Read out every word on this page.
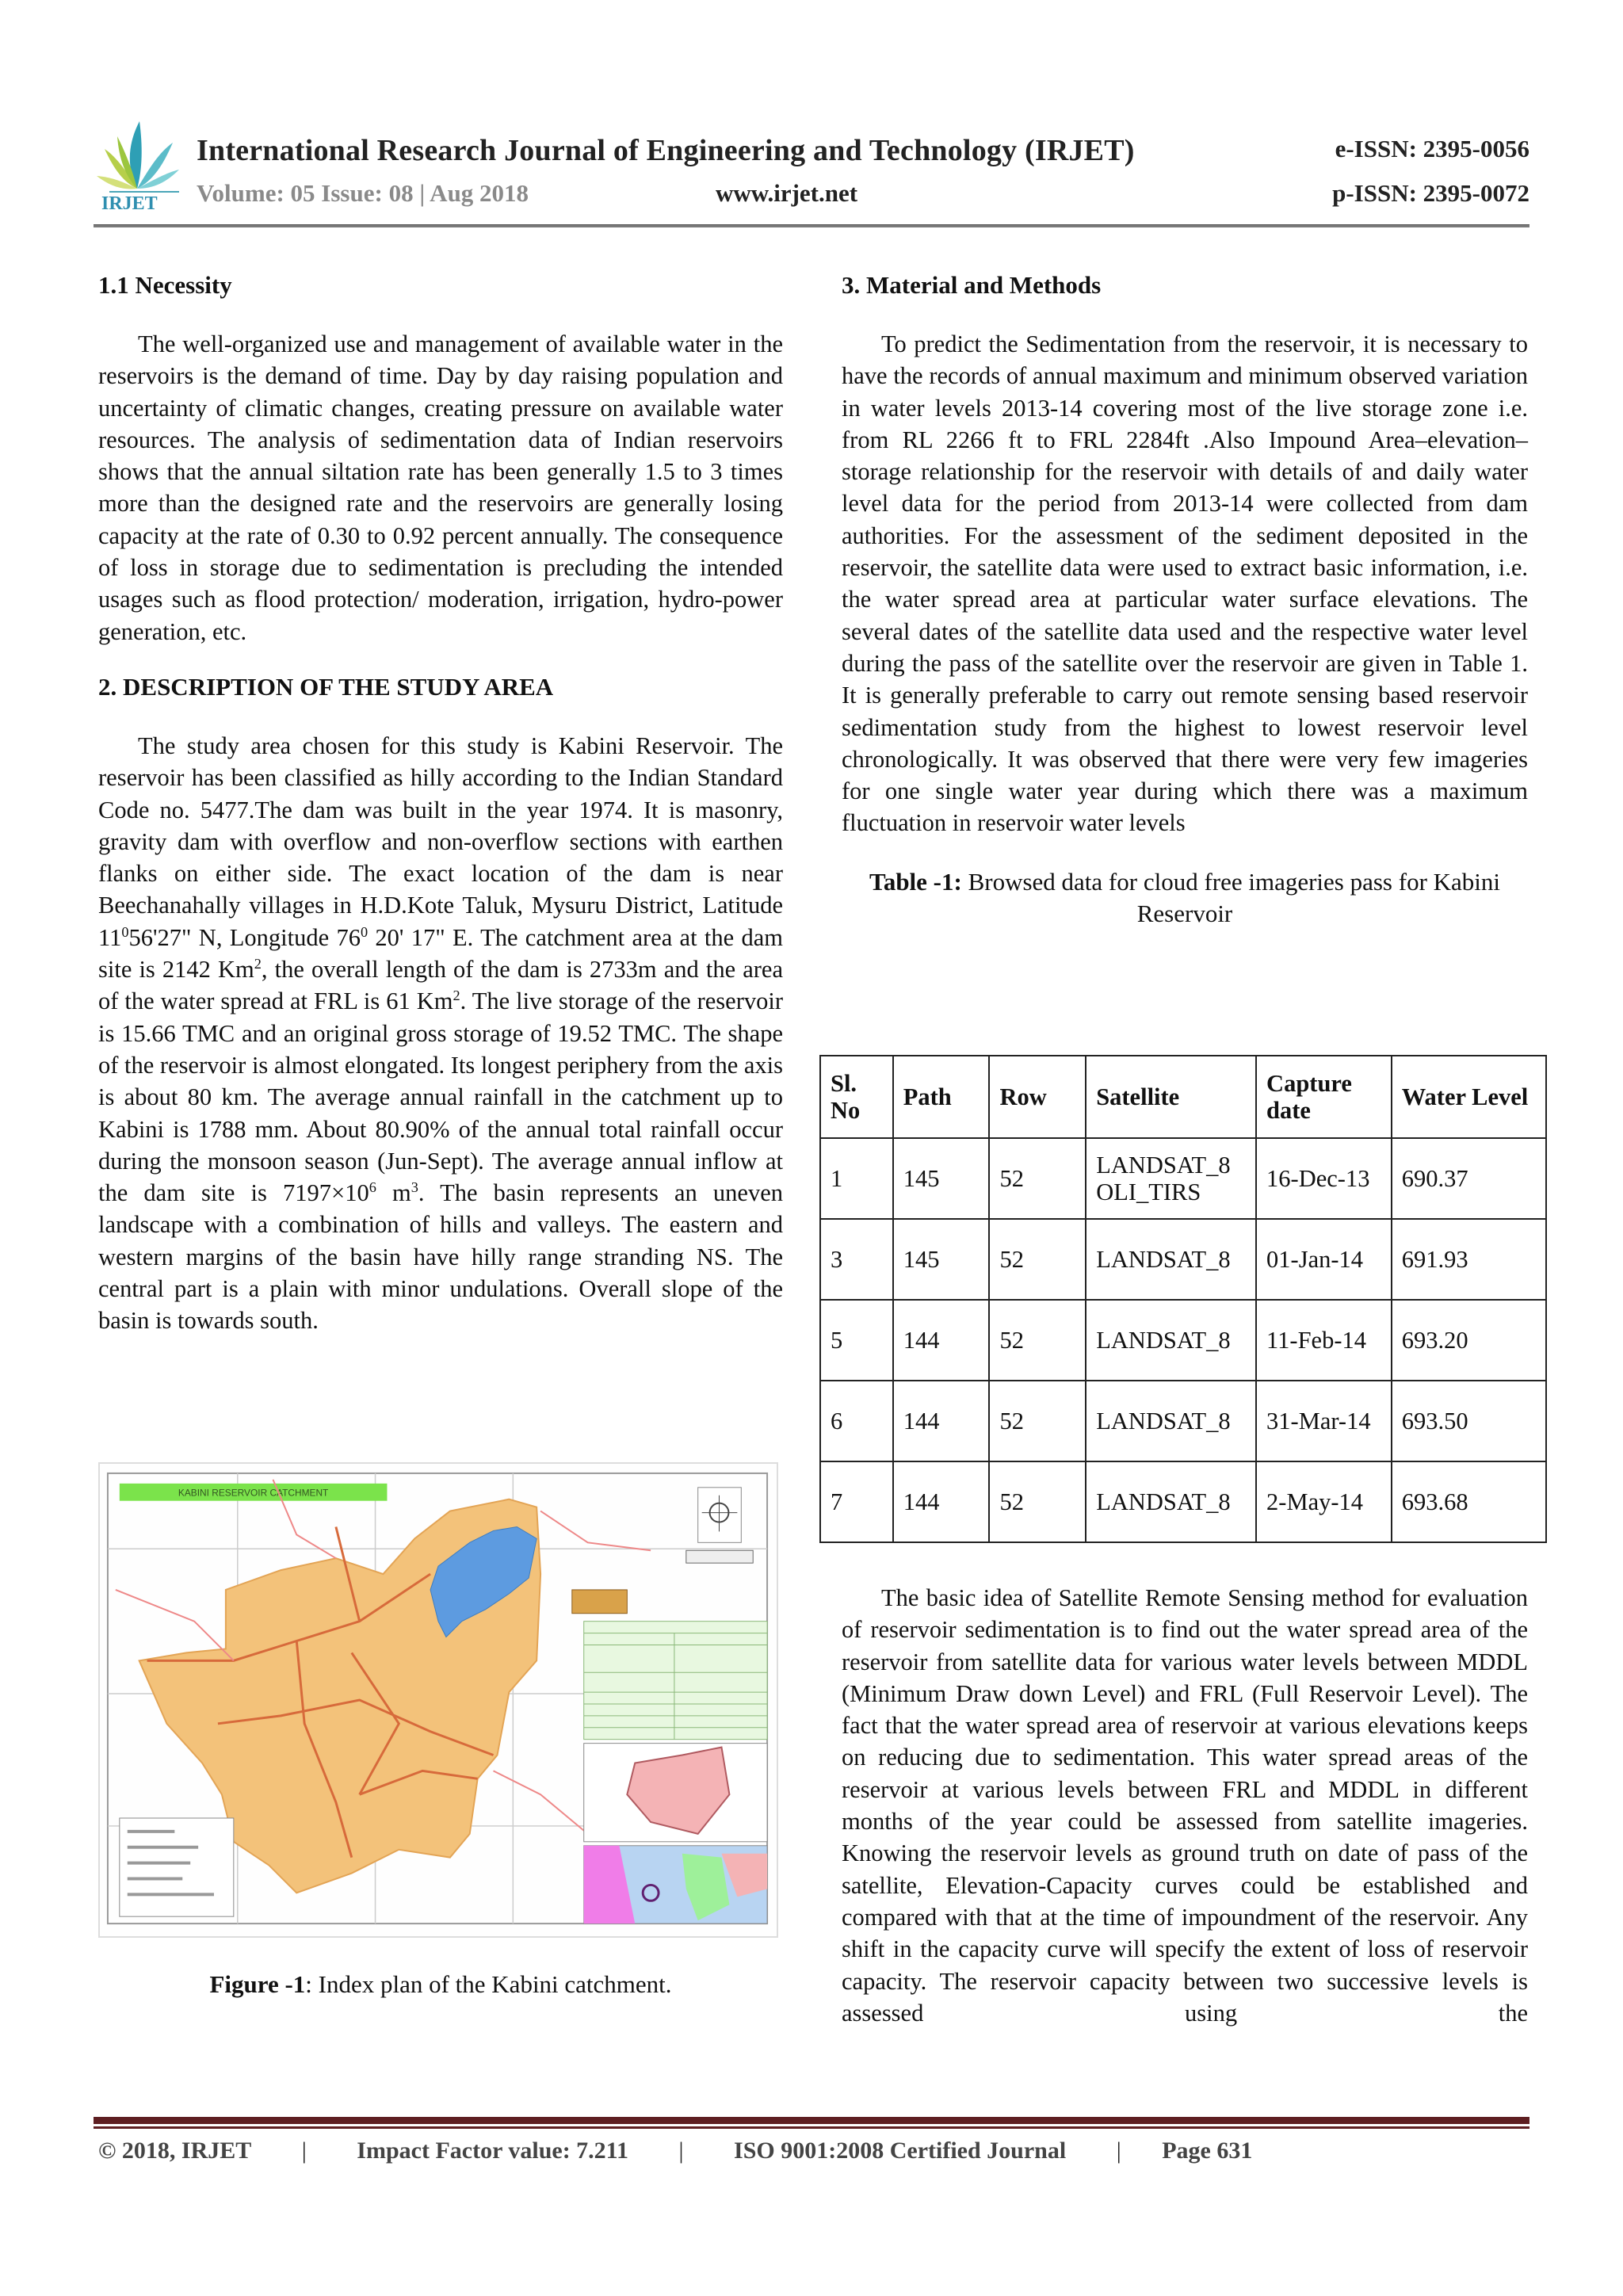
IRJET
International Research Journal of Engineering and Technology (IRJET)
Volume: 05 Issue: 08 | Aug 2018	www.irjet.net
e-ISSN: 2395-0056
p-ISSN: 2395-0072
1.1 Necessity

The well-organized use and management of available water in the reservoirs is the demand of time. Day by day raising population and uncertainty of climatic changes, creating pressure on available water resources. The analysis of sedimentation data of Indian reservoirs shows that the annual siltation rate has been generally 1.5 to 3 times more than the designed rate and the reservoirs are generally losing capacity at the rate of 0.30 to 0.92 percent annually. The consequence of loss in storage due to sedimentation is precluding the intended usages such as flood protection/ moderation, irrigation, hydro-power generation, etc.

2. DESCRIPTION OF THE STUDY AREA

The study area chosen for this study is Kabini Reservoir. The reservoir has been classified as hilly according to the Indian Standard Code no. 5477.The dam was built in the year 1974. It is masonry, gravity dam with overflow and non-overflow sections with earthen flanks on either side. The exact location of the dam is near Beechanahally villages in H.D.Kote Taluk, Mysuru District, Latitude $11^056'27$" N, Longitude $76^0$ 20' 17" E. The catchment area at the dam site is 2142 Km$^2$, the overall length of the dam is 2733m and the area of the water spread at FRL is 61 Km$^2$. The live storage of the reservoir is 15.66 TMC and an original gross storage of 19.52 TMC. The shape of the reservoir is almost elongated. Its longest periphery from the axis is about 80 km. The average annual rainfall in the catchment up to Kabini is 1788 mm. About 80.90% of the annual total rainfall occur during the monsoon season (Jun-Sept). The average annual inflow at the dam site is $7197\times 10^6$ $m^3$. The basin represents an uneven landscape with a combination of hills and valleys. The eastern and western margins of the basin have hilly range stranding NS. The central part is a plain with minor undulations. Overall slope of the basin is towards south.

KABINI RESERVOIR CATCHMENT
Figure -1: Index plan of the Kabini catchment.
3. Material and Methods

To predict the Sedimentation from the reservoir, it is necessary to have the records of annual maximum and minimum observed variation in water levels 2013-14 covering most of the live storage zone i.e. from RL 2266 ft to FRL 2284ft .Also Impound Area–elevation–storage relationship for the reservoir with details of and daily water level data for the period from 2013-14 were collected from dam authorities. For the assessment of the sediment deposited in the reservoir, the satellite data were used to extract basic information, i.e. the water spread area at particular water surface elevations. The several dates of the satellite data used and the respective water level during the pass of the satellite over the reservoir are given in Table 1. It is generally preferable to carry out remote sensing based reservoir sedimentation study from the highest to lowest reservoir level chronologically. It was observed that there were very few imageries for one single water year during which there was a maximum fluctuation in reservoir water levels

Table -1: Browsed data for cloud free imageries pass for Kabini Reservoir
Sl. No	Path	Row	Satellite	Capture date	Water Level
1	145	52	LANDSAT_8 OLI_TIRS	16-Dec-13	690.37
3	145	52	LANDSAT_8	01-Jan-14	691.93
5	144	52	LANDSAT_8	11-Feb-14	693.20
6	144	52	LANDSAT_8	31-Mar-14	693.50
7	144	52	LANDSAT_8	2-May-14	693.68

The basic idea of Satellite Remote Sensing method for evaluation of reservoir sedimentation is to find out the water spread area of the reservoir from satellite data for various water levels between MDDL (Minimum Draw down Level) and FRL (Full Reservoir Level). The fact that the water spread area of reservoir at various elevations keeps on reducing due to sedimentation. This water spread areas of the reservoir at various levels between FRL and MDDL in different months of the year could be assessed from satellite imageries. Knowing the reservoir levels as ground truth on date of pass of the satellite, Elevation-Capacity curves could be established and compared with that at the time of impoundment of the reservoir. Any shift in the capacity curve will specify the extent of loss of reservoir capacity. The reservoir capacity between two successive levels is assessed using the

© 2018, IRJET | Impact Factor value: 7.211 | ISO 9001:2008 Certified Journal | Page 631
